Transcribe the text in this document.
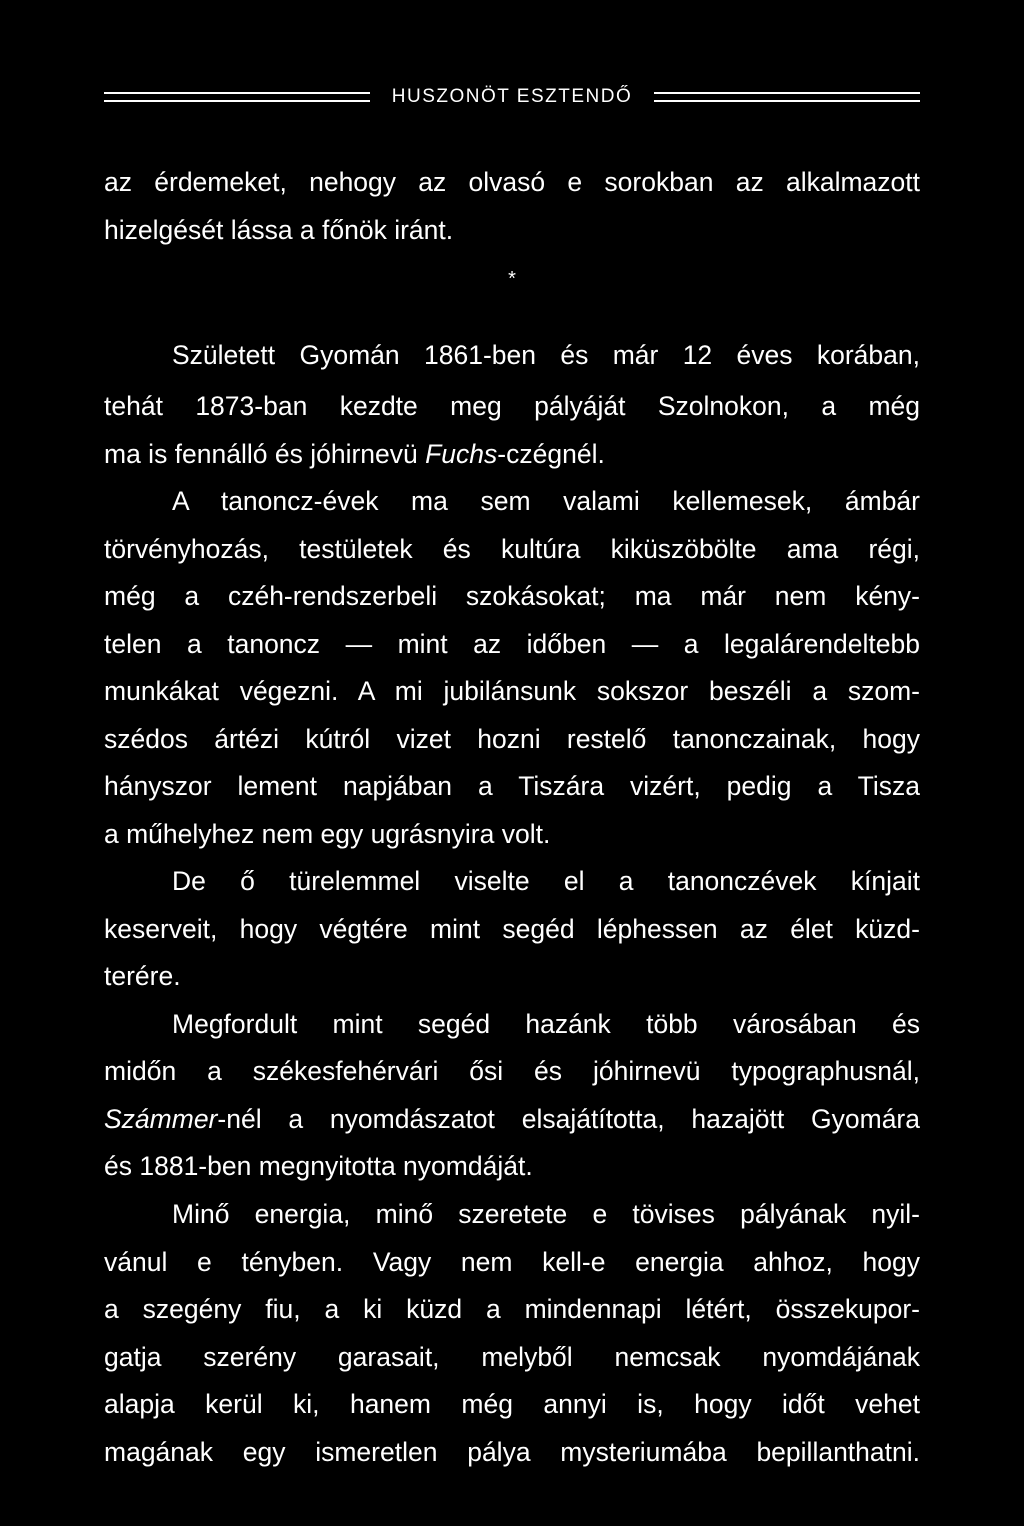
HUSZONÖT ESZTENDŐ
az érdemeket, nehogy az olvasó e sorokban az alkalmazott
hizelgését lássa a főnök iránt.
*
Született Gyomán 1861-ben és már 12 éves korában,
tehát 1873-ban kezdte meg pályáját Szolnokon, a még
ma is fennálló és jóhirnevü Fuchs-czégnél.
A tanoncz-évek ma sem valami kellemesek, ámbár
törvényhozás, testületek és kultúra kiküszöbölte ama régi,
még a czéh-rendszerbeli szokásokat; ma már nem kény-
telen a tanoncz — mint az időben — a legalárendeltebb
munkákat végezni. A mi jubilánsunk sokszor beszéli a szom-
szédos ártézi kútról vizet hozni restelő tanonczainak, hogy
hányszor lement napjában a Tiszára vizért, pedig a Tisza
a műhelyhez nem egy ugrásnyira volt.
De ő türelemmel viselte el a tanonczévek kínjait
keserveit, hogy végtére mint segéd léphessen az élet küzd-
terére.
Megfordult mint segéd hazánk több városában és
midőn a székesfehérvári ősi és jóhirnevü typographusnál,
Számmer-nél a nyomdászatot elsajátította, hazajött Gyomára
és 1881-ben megnyitotta nyomdáját.
Minő energia, minő szeretete e tövises pályának nyil-
vánul e tényben. Vagy nem kell-e energia ahhoz, hogy
a szegény fiu, a ki küzd a mindennapi létért, összekupor-
gatja szerény garasait, melyből nemcsak nyomdájának
alapja kerül ki, hanem még annyi is, hogy időt vehet
magának egy ismeretlen pálya mysteriumába bepillanthatni.
